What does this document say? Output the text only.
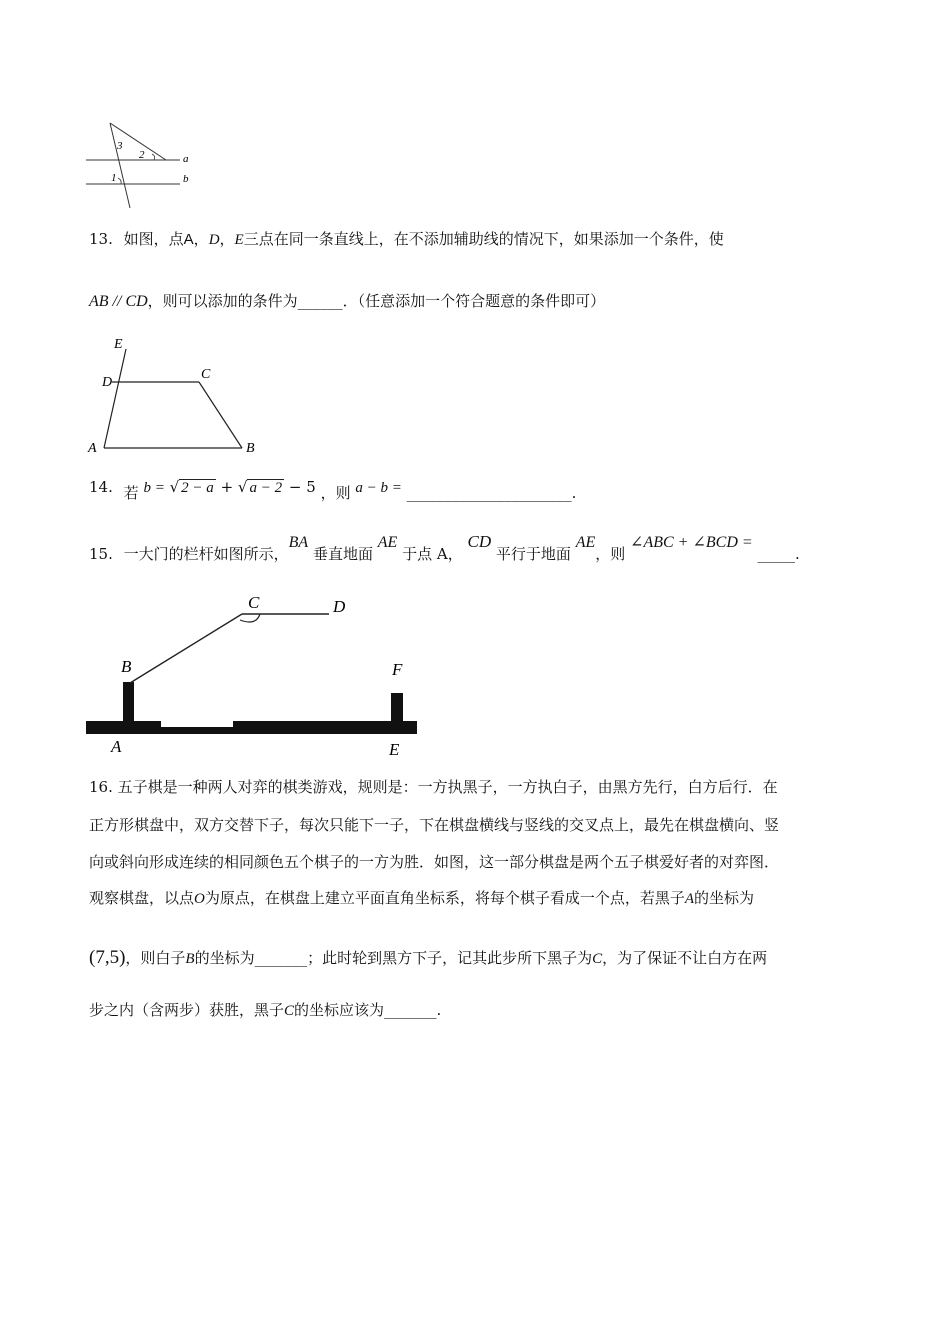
3
2
1
a
b
13. 如图，点A，D，E三点在同一条直线上，在不添加辅助线的情况下，如果添加一个条件，使
AB // CD，则可以添加的条件为______．（任意添加一个符合题意的条件即可）
E
D
C
A	B
14. 若 b = √ 2 − a + √ a − 2 − 5 ，则 a − b = ______________________.
15. 一大门的栏杆如图所示，BA 垂直地面 AE 于点 A， CD 平行于地面 AE，则 ∠ABC + ∠BCD = _____.
C	D
B	F
A	E
16. 五子棋是一种两人对弈的棋类游戏，规则是：一方执黑子，一方执白子，由黑方先行，白方后行．在
正方形棋盘中，双方交替下子，每次只能下一子，下在棋盘横线与竖线的交叉点上，最先在棋盘横向、竖
向或斜向形成连续的相同颜色五个棋子的一方为胜．如图，这一部分棋盘是两个五子棋爱好者的对弈图．
观察棋盘，以点O为原点，在棋盘上建立平面直角坐标系，将每个棋子看成一个点，若黑子A的坐标为
(7,5)，则白子B的坐标为_______；此时轮到黑方下子，记其此步所下黑子为C，为了保证不让白方在两
步之内（含两步）获胜，黑子C的坐标应该为_______.
